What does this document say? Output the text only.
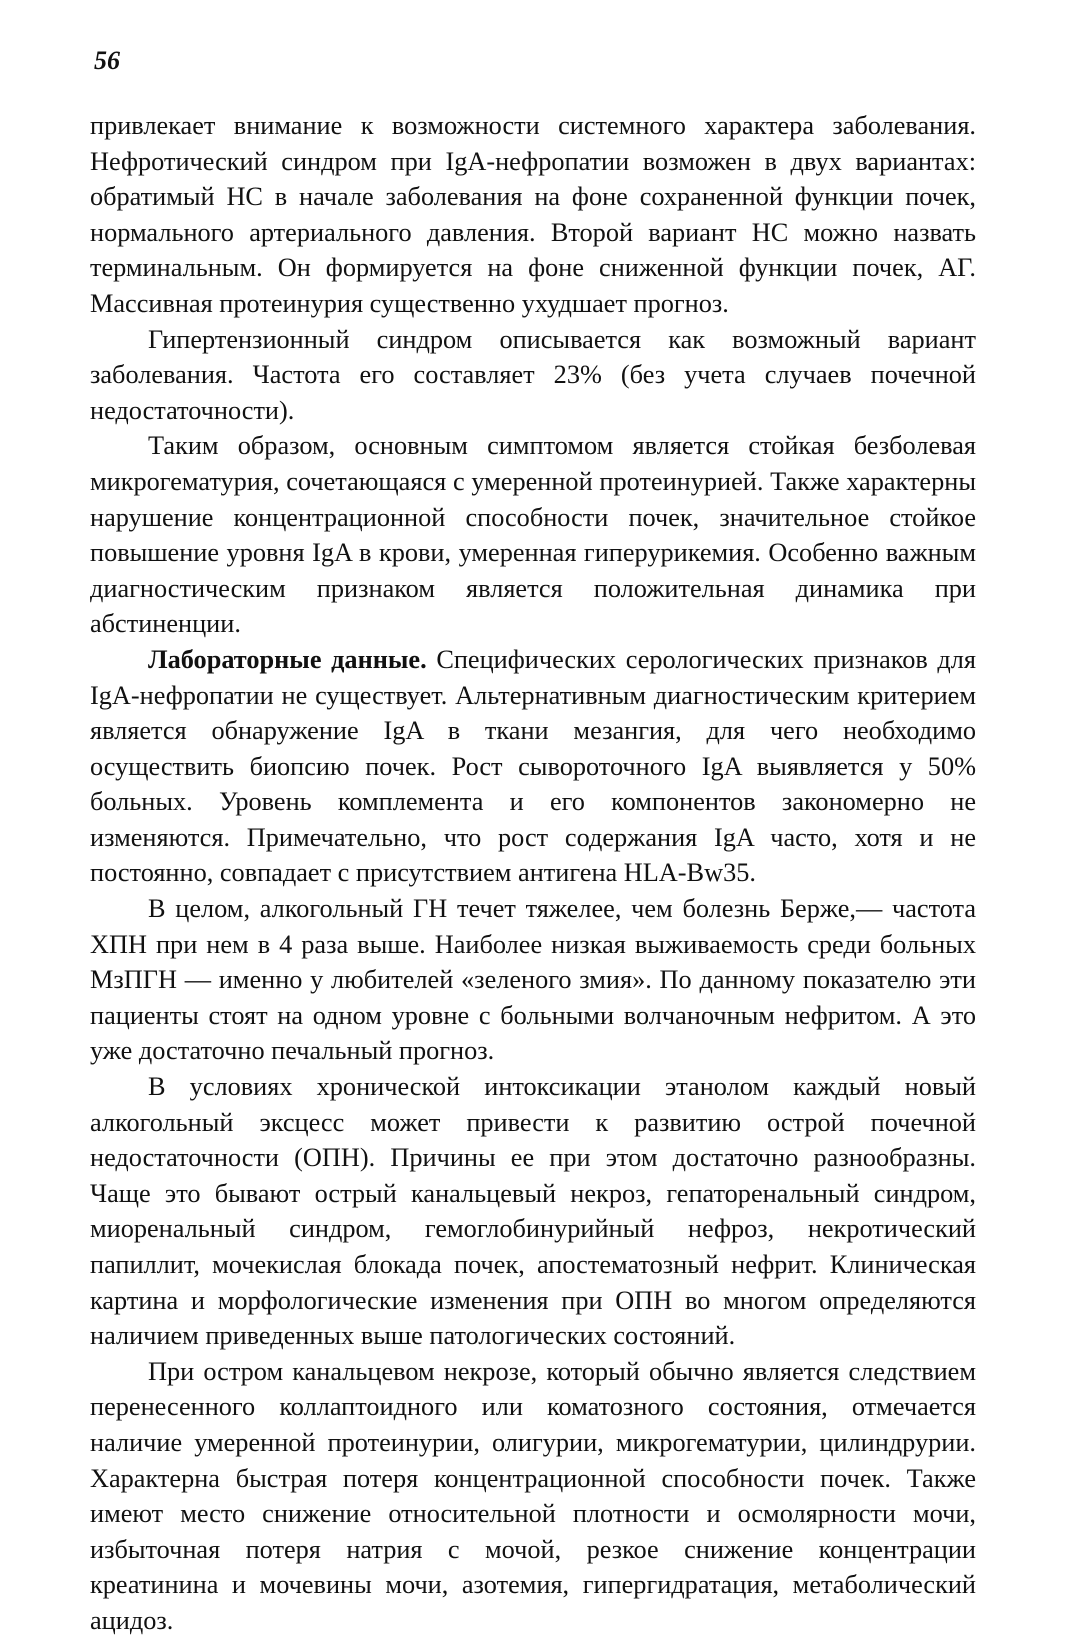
56

привлекает внимание к возможности системного характера заболевания. Нефротический синдром при IgA-нефропатии возможен в двух вариантах: обратимый НС в начале заболевания на фоне сохраненной функции почек, нормального артериального давления. Второй вариант НС можно назвать терминальным. Он формируется на фоне сниженной функции почек, АГ. Массивная протеинурия существенно ухудшает прогноз.

Гипертензионный синдром описывается как возможный вариант заболевания. Частота его составляет 23% (без учета случаев почечной недостаточности).

Таким образом, основным симптомом является стойкая безболевая микрогематурия, сочетающаяся с умеренной протеинурией. Также характерны нарушение концентрационной способности почек, значительное стойкое повышение уровня IgA в крови, умеренная гиперурикемия. Особенно важным диагностическим признаком является положительная динамика при абстиненции.

Лабораторные данные. Специфических серологических признаков для IgA-нефропатии не существует. Альтернативным диагностическим критерием является обнаружение IgA в ткани мезангия, для чего необходимо осуществить биопсию почек. Рост сывороточного IgA выявляется у 50% больных. Уровень комплемента и его компонентов закономерно не изменяются. Примечательно, что рост содержания IgA часто, хотя и не постоянно, совпадает с присутствием антигена HLA-Bw35.

В целом, алкогольный ГН течет тяжелее, чем болезнь Берже,— частота ХПН при нем в 4 раза выше. Наиболее низкая выживаемость среди больных МзПГН — именно у любителей «зеленого змия». По данному показателю эти пациенты стоят на одном уровне с больными волчаночным нефритом. А это уже достаточно печальный прогноз.

В условиях хронической интоксикации этанолом каждый новый алкогольный эксцесс может привести к развитию острой почечной недостаточности (ОПН). Причины ее при этом достаточно разнообразны. Чаще это бывают острый канальцевый некроз, гепаторенальный синдром, миоренальный синдром, гемоглобинурийный нефроз, некротический папиллит, мочекислая блокада почек, апостематозный нефрит. Клиническая картина и морфологические изменения при ОПН во многом определяются наличием приведенных выше патологических состояний.

При остром канальцевом некрозе, который обычно является следствием перенесенного коллаптоидного или коматозного состояния, отмечается наличие умеренной протеинурии, олигурии, микрогематурии, цилиндрурии. Характерна быстрая потеря концентрационной способности почек. Также имеют место снижение относительной плотности и осмолярности мочи, избыточная потеря натрия с мочой, резкое снижение концентрации креатинина и мочевины мочи, азотемия, гипергидратация, метаболический ацидоз.
